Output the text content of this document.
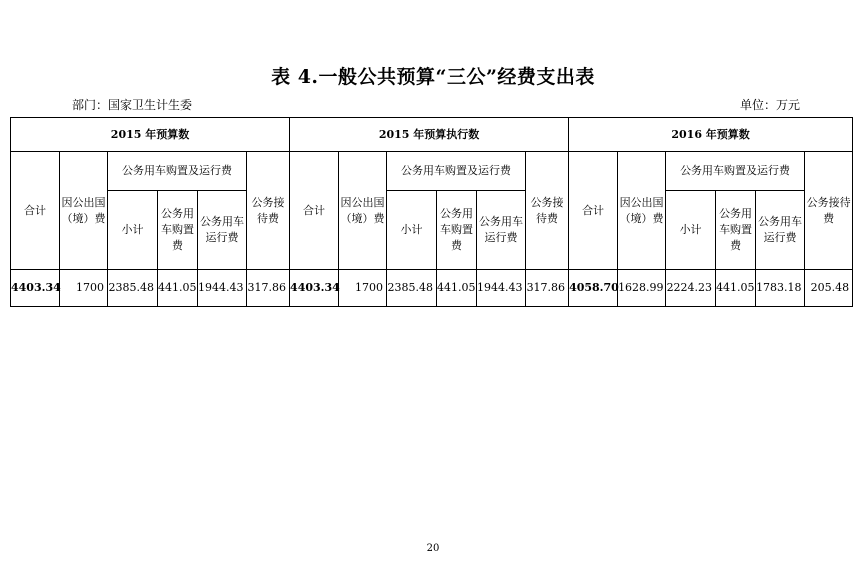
表 4.一般公共预算“三公”经费支出表
部门：国家卫生计生委	单位：万元
2015 年预算数						2015 年预算执行数						2016 年预算数					
合计	因公出国（境）费	公务用车购置及运行费			公务接待费	合计	因公出国（境）费	公务用车购置及运行费			公务接待费	合计	因公出国（境）费	公务用车购置及运行费			公务接待费
		小计	公务用车购置费	公务用车运行费				小计	公务用车购置费	公务用车运行费				小计	公务用车购置费	公务用车运行费	
4403.34	1700	2385.48	441.05	1944.43	317.86	4403.34	1700	2385.48	441.05	1944.43	317.86	4058.70	1628.99	2224.23	441.05	1783.18	205.48
20
